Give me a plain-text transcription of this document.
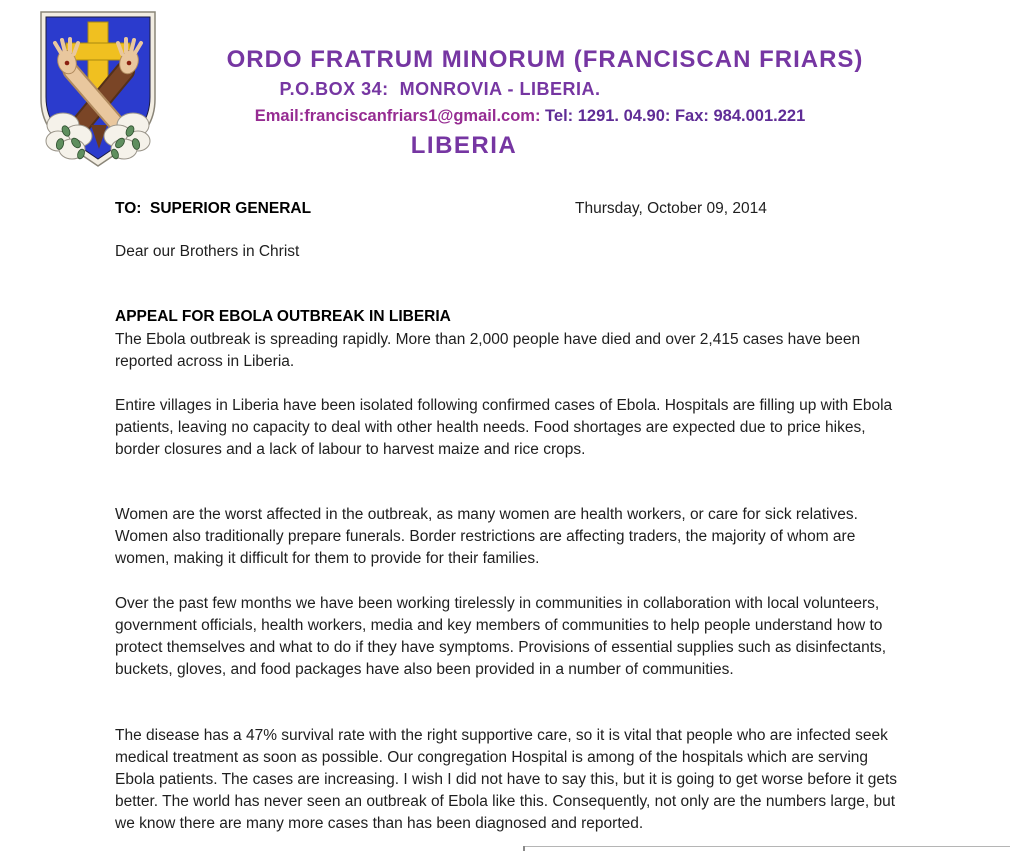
ORDO FRATRUM MINORUM (FRANCISCAN FRIARS)
P.O.BOX 34:  MONROVIA - LIBERIA.
Email:franciscanfriars1@gmail.com: Tel: 1291. 04.90: Fax: 984.001.221
LIBERIA
TO:  SUPERIOR GENERAL	Thursday, October 09, 2014
Dear our Brothers in Christ
APPEAL FOR EBOLA OUTBREAK IN LIBERIA

The Ebola outbreak is spreading rapidly. More than 2,000 people have died and over 2,415 cases have been reported across in Liberia.

Entire villages in Liberia have been isolated following confirmed cases of Ebola. Hospitals are filling up with Ebola patients, leaving no capacity to deal with other health needs. Food shortages are expected due to price hikes, border closures and a lack of labour to harvest maize and rice crops.

Women are the worst affected in the outbreak, as many women are health workers, or care for sick relatives. Women also traditionally prepare funerals. Border restrictions are affecting traders, the majority of whom are women, making it difficult for them to provide for their families.

Over the past few months we have been working tirelessly in communities in collaboration with local volunteers, government officials, health workers, media and key members of communities to help people understand how to protect themselves and what to do if they have symptoms. Provisions of essential supplies such as disinfectants, buckets, gloves, and food packages have also been provided in a number of communities.

The disease has a 47% survival rate with the right supportive care, so it is vital that people who are infected seek medical treatment as soon as possible. Our congregation Hospital is among of the hospitals which are serving Ebola patients. The cases are increasing. I wish I did not have to say this, but it is going to get worse before it gets better. The world has never seen an outbreak of Ebola like this. Consequently, not only are the numbers large, but we know there are many more cases than has been diagnosed and reported.
